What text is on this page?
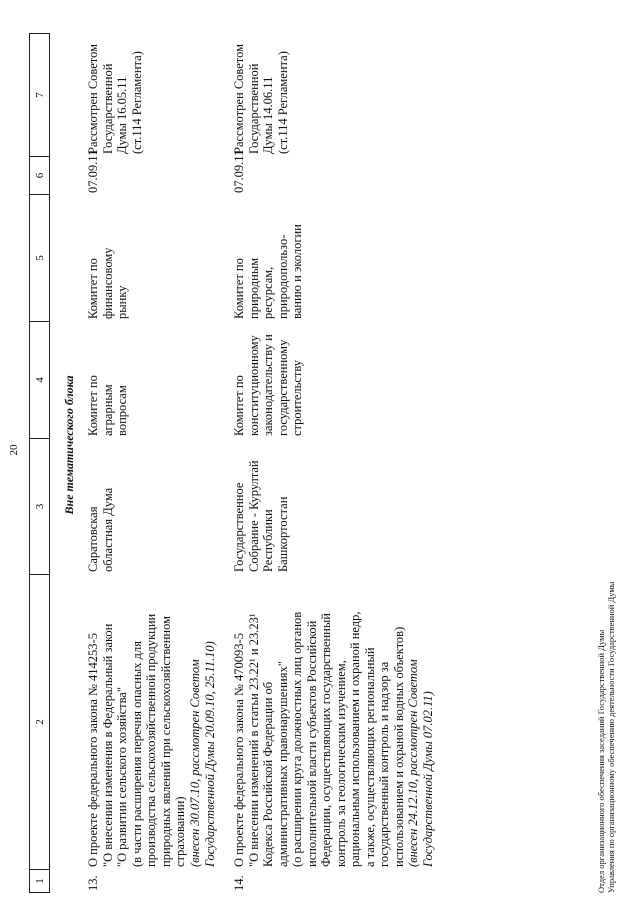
1
2
3
4
5
6
7
20	Вне тематического блока
13.
О проекте федерального закона № 414253-5
"О внесении изменения в Федеральный закон
"О развитии сельского хозяйства"
(в части расширения перечня опасных для
производства сельскохозяйственной продукции
природных явлений при сельскохозяйственном
страховании) (внесен 30.07.10, рассмотрен Советом
Государственной Думы 20.09.10, 25.11.10)
Саратовская
областная Дума
Комитет по
аграрным
вопросам
Комитет по
финансовому
рынку
07.09.11
Рассмотрен Советом
Государственной
Думы 16.05.11
(ст.114 Регламента)
14.
О проекте федерального закона № 470093-5
"О внесении изменений в статьи 23.22¹ и 23.23¹
Кодекса Российской Федерации об
административных правонарушениях"
(о расширении круга должностных лиц органов
исполнительной власти субъектов Российской
Федерации, осуществляющих государственный
контроль за геологическим изучением,
рациональным использованием и охраной недр,
а также, осуществляющих региональный
государственный контроль и надзор за
использованием и охраной водных объектов)
(внесен 24.12.10, рассмотрен Советом
Государственной Думы 07.02.11)
Государственное
Собрание - Курултай
Республики
Башкортостан
Комитет по
конституционному
законодательству и
государственному
строительству
Комитет по
природным
ресурсам,
природопользо-
ванию и экологии
07.09.11
Рассмотрен Советом
Государственной
Думы 14.06.11
(ст.114 Регламента)
Отдел организационного обеспечения заседаний Государственной Думы Управления по организационному обеспечению деятельности Государственной Думы
